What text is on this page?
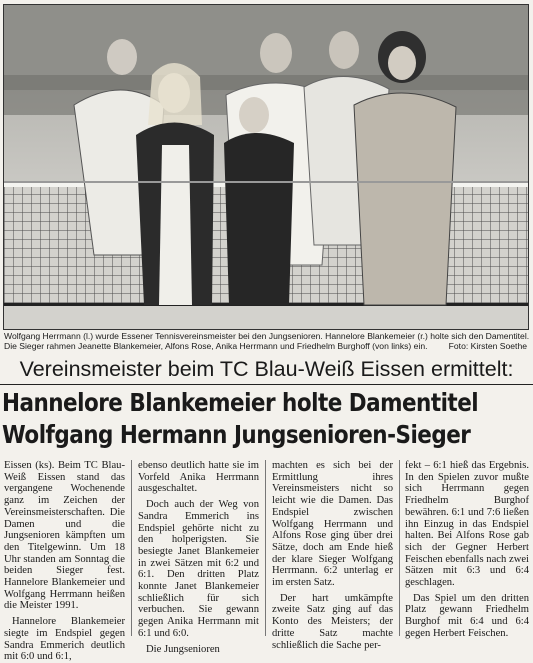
Wolfgang Herrmann (l.) wurde Essener Tennisvereinsmeister bei den Jungsenioren. Hannelore Blankemeier (r.) holte sich den Damentitel.
Die Sieger rahmen Jeanette Blankemeier, Alfons Rose, Anika Herrmann und Friedhelm Burghoff (von links) ein.	Foto: Kirsten Soethe
Vereinsmeister beim TC Blau-Weiß Eissen ermittelt:
Hannelore Blankemeier holte Damentitel
Wolfgang Hermann Jungsenioren-Sieger

Eissen (ks). Beim TC Blau-Weiß Eissen stand das vergangene Wochenende ganz im Zeichen der Vereinsmeisterschaften. Die Damen und die Jungsenioren kämpften um den Titelgewinn. Um 18 Uhr standen am Sonntag die beiden Sieger fest. Hannelore Blankemeier und Wolfgang Herrmann heißen die Meister 1991.

Hannelore Blankemeier siegte im Endspiel gegen Sandra Emmerich deutlich mit 6:0 und 6:1,

ebenso deutlich hatte sie im Vorfeld Anika Herrmann ausgeschaltet.

Doch auch der Weg von Sandra Emmerich ins Endspiel gehörte nicht zu den holperigsten. Sie besiegte Janet Blankemeier in zwei Sätzen mit 6:2 und 6:1. Den dritten Platz konnte Janet Blankemeier schließlich für sich verbuchen. Sie gewann gegen Anika Herrmann mit 6:1 und 6:0.

Die Jungsenioren

machten es sich bei der Ermittlung ihres Vereinsmeisters nicht so leicht wie die Damen. Das Endspiel zwischen Wolfgang Herrmann und Alfons Rose ging über drei Sätze, doch am Ende hieß der klare Sieger Wolfgang Herrmann. 6:2 unterlag er im ersten Satz.

Der hart umkämpfte zweite Satz ging auf das Konto des Meisters; der dritte Satz machte schließlich die Sache per-

fekt – 6:1 hieß das Ergebnis. In den Spielen zuvor mußte sich Herrmann gegen Friedhelm Burghof bewähren. 6:1 und 7:6 ließen ihn Einzug in das Endspiel halten. Bei Alfons Rose gab sich der Gegner Herbert Feischen ebenfalls nach zwei Sätzen mit 6:3 und 6:4 geschlagen.

Das Spiel um den dritten Platz gewann Friedhelm Burghof mit 6:4 und 6:4 gegen Herbert Feischen.
